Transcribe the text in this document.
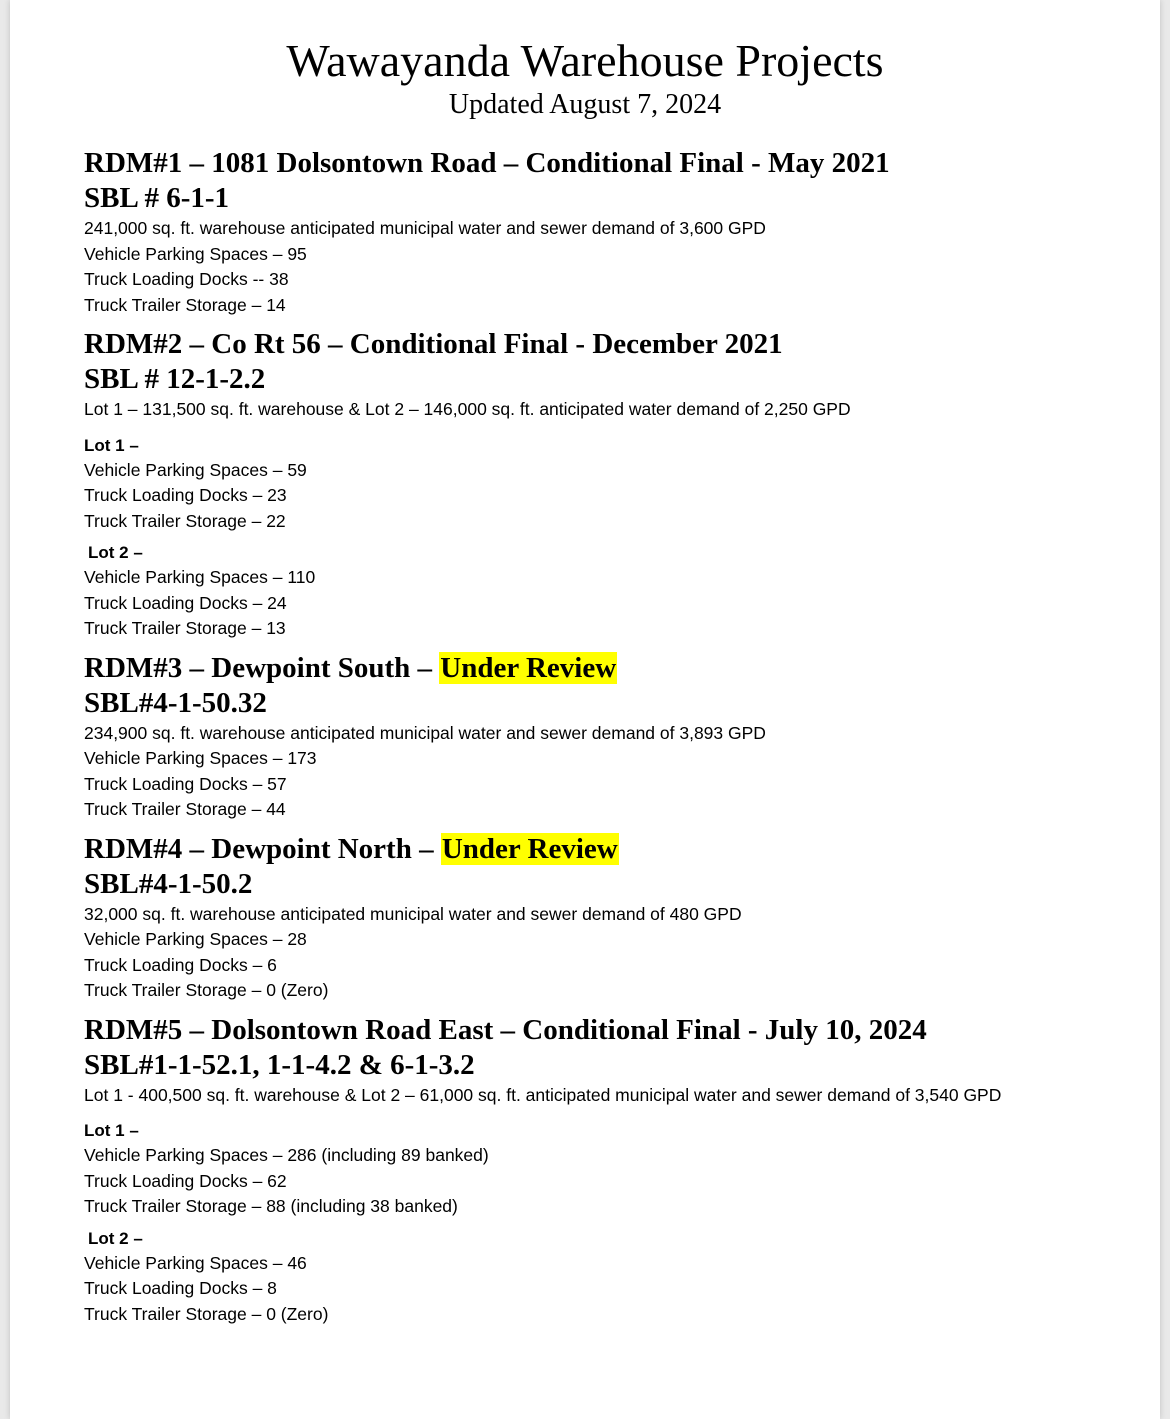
Wawayanda Warehouse Projects
Updated August 7, 2024
RDM#1 – 1081 Dolsontown Road – Conditional Final - May 2021
SBL # 6-1-1
241,000 sq. ft. warehouse anticipated municipal water and sewer demand of 3,600 GPD
Vehicle Parking Spaces – 95
Truck Loading Docks -- 38
Truck Trailer Storage – 14
RDM#2 – Co Rt 56 – Conditional Final - December 2021
SBL # 12-1-2.2
Lot 1 – 131,500 sq. ft. warehouse & Lot 2 – 146,000 sq. ft. anticipated water demand of 2,250 GPD
Lot 1 –
Vehicle Parking Spaces – 59
Truck Loading Docks – 23
Truck Trailer Storage – 22
Lot 2 –
Vehicle Parking Spaces – 110
Truck Loading Docks – 24
Truck Trailer Storage – 13
RDM#3 – Dewpoint South – Under Review
SBL#4-1-50.32
234,900 sq. ft. warehouse anticipated municipal water and sewer demand of 3,893 GPD
Vehicle Parking Spaces – 173
Truck Loading Docks – 57
Truck Trailer Storage – 44
RDM#4 – Dewpoint North – Under Review
SBL#4-1-50.2
32,000 sq. ft. warehouse anticipated municipal water and sewer demand of 480 GPD
Vehicle Parking Spaces – 28
Truck Loading Docks – 6
Truck Trailer Storage – 0 (Zero)
RDM#5 – Dolsontown Road East – Conditional Final - July 10, 2024
SBL#1-1-52.1, 1-1-4.2 & 6-1-3.2
Lot 1 - 400,500 sq. ft. warehouse & Lot 2 – 61,000 sq. ft. anticipated municipal water and sewer demand of 3,540 GPD
Lot 1 –
Vehicle Parking Spaces – 286 (including 89 banked)
Truck Loading Docks – 62
Truck Trailer Storage – 88 (including 38 banked)
Lot 2 –
Vehicle Parking Spaces – 46
Truck Loading Docks – 8
Truck Trailer Storage – 0 (Zero)
